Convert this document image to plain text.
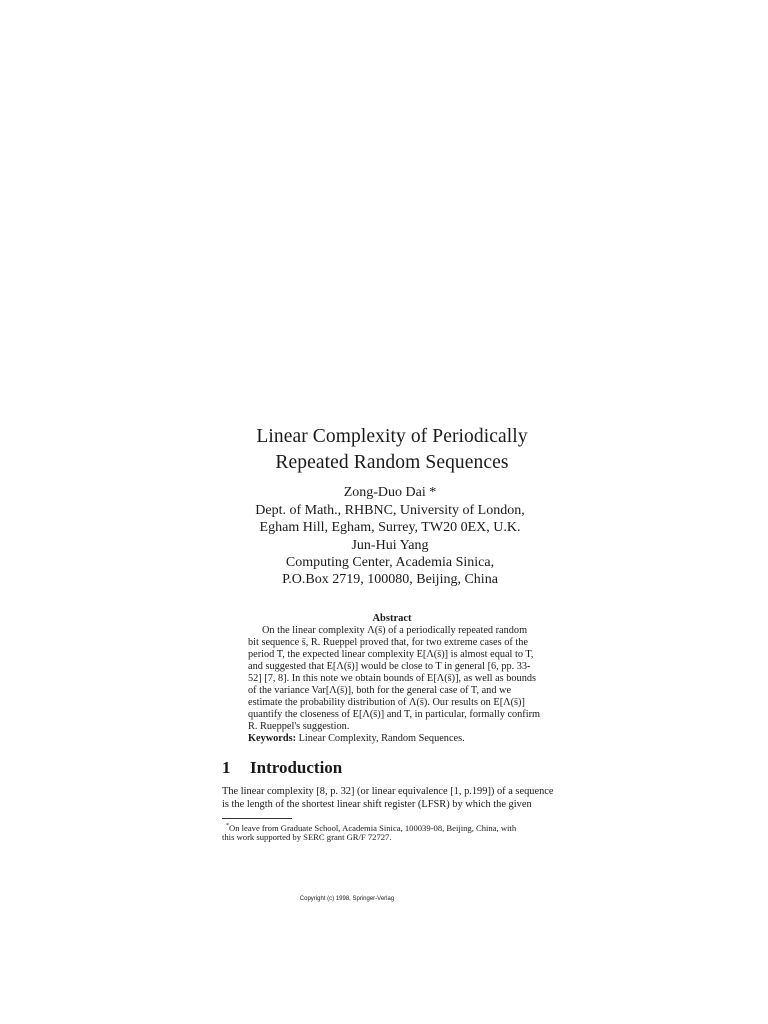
Linear Complexity of Periodically
Repeated Random Sequences
Zong-Duo Dai *
Dept. of Math., RHBNC, University of London,
Egham Hill, Egham, Surrey, TW20 0EX, U.K.
Jun-Hui Yang
Computing Center, Academia Sinica,
P.O.Box 2719, 100080, Beijing, China
Abstract
On the linear complexity Λ(s̄) of a periodically repeated random
bit sequence s̄, R. Rueppel proved that, for two extreme cases of the
period T, the expected linear complexity E[Λ(s̄)] is almost equal to T,
and suggested that E[Λ(s̄)] would be close to T in general [6, pp. 33-
52] [7, 8]. In this note we obtain bounds of E[Λ(s̄)], as well as bounds
of the variance Var[Λ(s̄)], both for the general case of T, and we
estimate the probability distribution of Λ(s̄). Our results on E[Λ(s̄)]
quantify the closeness of E[Λ(s̄)] and T, in particular, formally confirm
R. Rueppel's suggestion.
Keywords: Linear Complexity, Random Sequences.
1 Introduction
The linear complexity [8, p. 32] (or linear equivalence [1, p.199]) of a sequence
is the length of the shortest linear shift register (LFSR) by which the given
*On leave from Graduate School, Academia Sinica, 100039-08, Beijing, China, with
this work supported by SERC grant GR/F 72727.
Copyright (c) 1998, Springer-Verlag
